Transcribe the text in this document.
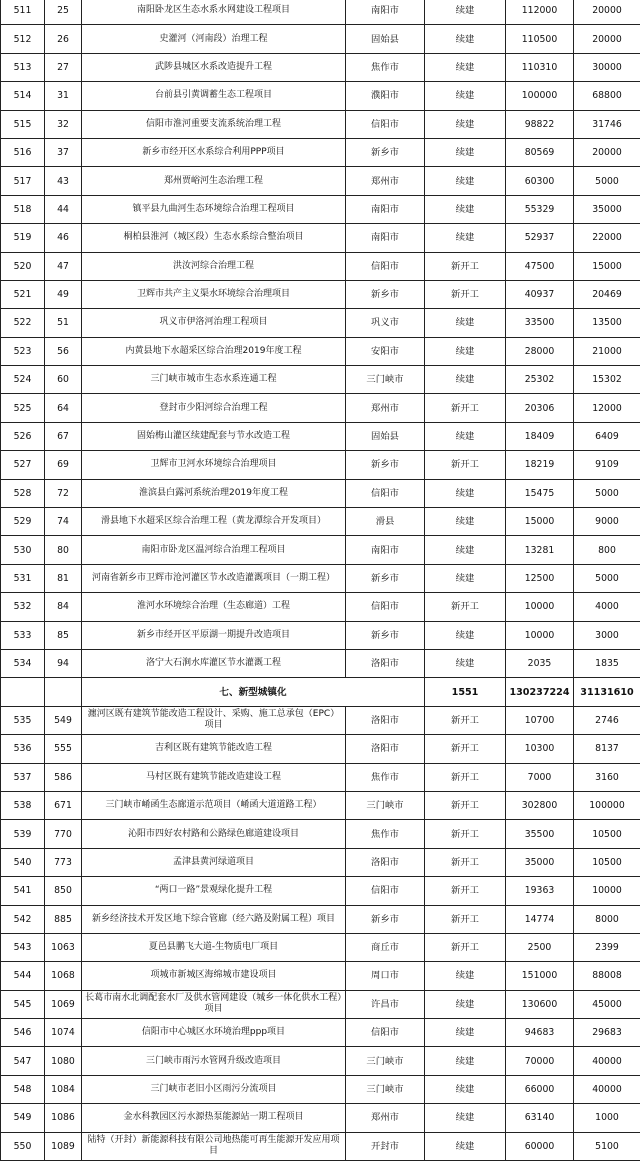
511	25	南阳卧龙区生态水系水网建设工程项目	南阳市	续建	112000	20000
512	26	史灌河（河南段）治理工程	固始县	续建	110500	20000
513	27	武陟县城区水系改造提升工程	焦作市	续建	110310	30000
514	31	台前县引黄调蓄生态工程项目	濮阳市	续建	100000	68800
515	32	信阳市淮河重要支流系统治理工程	信阳市	续建	98822	31746
516	37	新乡市经开区水系综合利用PPP项目	新乡市	续建	80569	20000
517	43	郑州贾峪河生态治理工程	郑州市	续建	60300	5000
518	44	镇平县九曲河生态环境综合治理工程项目	南阳市	续建	55329	35000
519	46	桐柏县淮河（城区段）生态水系综合整治项目	南阳市	续建	52937	22000
520	47	洪汝河综合治理工程	信阳市	新开工	47500	15000
521	49	卫辉市共产主义渠水环境综合治理项目	新乡市	新开工	40937	20469
522	51	巩义市伊洛河治理工程项目	巩义市	续建	33500	13500
523	56	内黄县地下水超采区综合治理2019年度工程	安阳市	续建	28000	21000
524	60	三门峡市城市生态水系连通工程	三门峡市	续建	25302	15302
525	64	登封市少阳河综合治理工程	郑州市	新开工	20306	12000
526	67	固始梅山灌区续建配套与节水改造工程	固始县	续建	18409	6409
527	69	卫辉市卫河水环境综合治理项目	新乡市	新开工	18219	9109
528	72	淮滨县白露河系统治理2019年度工程	信阳市	续建	15475	5000
529	74	滑县地下水超采区综合治理工程（黄龙潭综合开发项目）	滑县	续建	15000	9000
530	80	南阳市卧龙区温河综合治理工程项目	南阳市	续建	13281	800
531	81	河南省新乡市卫辉市沧河灌区节水改造灌溉项目（一期工程）	新乡市	续建	12500	5000
532	84	淮河水环境综合治理（生态廊道）工程	信阳市	新开工	10000	4000
533	85	新乡市经开区平原湖一期提升改造项目	新乡市	续建	10000	3000
534	94	洛宁大石涧水库灌区节水灌溉工程	洛阳市	续建	2035	1835
		七、新型城镇化		1551	130237224	31131610
535	549	瀍河区既有建筑节能改造工程设计、采购、施工总承包（EPC）项目	洛阳市	新开工	10700	2746
536	555	吉利区既有建筑节能改造工程	洛阳市	新开工	10300	8137
537	586	马村区既有建筑节能改造建设工程	焦作市	新开工	7000	3160
538	671	三门峡市崤函生态廊道示范项目（崤函大道道路工程）	三门峡市	新开工	302800	100000
539	770	沁阳市四好农村路和公路绿色廊道建设项目	焦作市	新开工	35500	10500
540	773	孟津县黄河绿道项目	洛阳市	新开工	35000	10500
541	850	“两口一路”景观绿化提升工程	信阳市	新开工	19363	10000
542	885	新乡经济技术开发区地下综合管廊（经六路及附属工程）项目	新乡市	新开工	14774	8000
543	1063	夏邑县鹏飞大道-生物质电厂项目	商丘市	新开工	2500	2399
544	1068	项城市新城区海绵城市建设项目	周口市	续建	151000	88008
545	1069	长葛市南水北调配套水厂及供水管网建设（城乡一体化供水工程）项目	许昌市	续建	130600	45000
546	1074	信阳市中心城区水环境治理ppp项目	信阳市	续建	94683	29683
547	1080	三门峡市雨污水管网升级改造项目	三门峡市	续建	70000	40000
548	1084	三门峡市老旧小区雨污分流项目	三门峡市	续建	66000	40000
549	1086	金水科教园区污水源热泵能源站一期工程项目	郑州市	续建	63140	1000
550	1089	陆特（开封）新能源科技有限公司地热能可再生能源开发应用项目	开封市	续建	60000	5100
